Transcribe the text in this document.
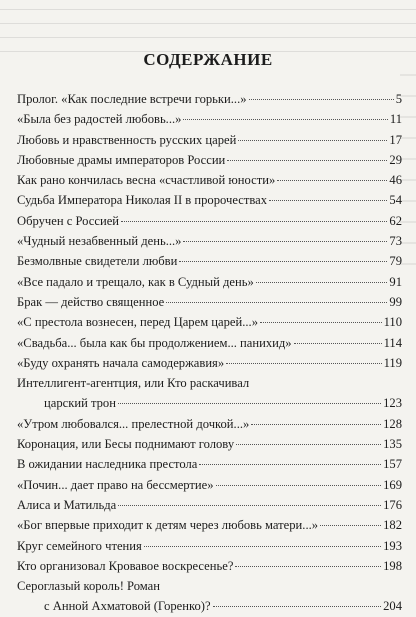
СОДЕРЖАНИЕ
Пролог. «Как последние встречи горьки...»	5
«Была без радостей любовь...»	11
Любовь и нравственность русских царей	17
Любовные драмы императоров России	29
Как рано кончилась весна «счастливой юности»	46
Судьба Императора Николая II в пророчествах	54
Обручен с Россией	62
«Чудный незабвенный день...»	73
Безмолвные свидетели любви	79
«Все падало и трещало, как в Судный день»	91
Брак — действо священное	99
«С престола вознесен, перед Царем царей...»	110
«Свадьба... была как бы продолжением... панихид»	114
«Буду охранять начала самодержавия»	119
Интеллигент-агентция, или Кто раскачивал
царский трон	123
«Утром любовался... прелестной дочкой...»	128
Коронация, или Бесы поднимают голову	135
В ожидании наследника престола	157
«Почин... дает право на бессмертие»	169
Алиса и Матильда	176
«Бог впервые приходит к детям через любовь матери...»	182
Круг семейного чтения	193
Кто организовал Кровавое воскресенье?	198
Сероглазый король! Роман
с Анной Ахматовой (Горенко)?	204
